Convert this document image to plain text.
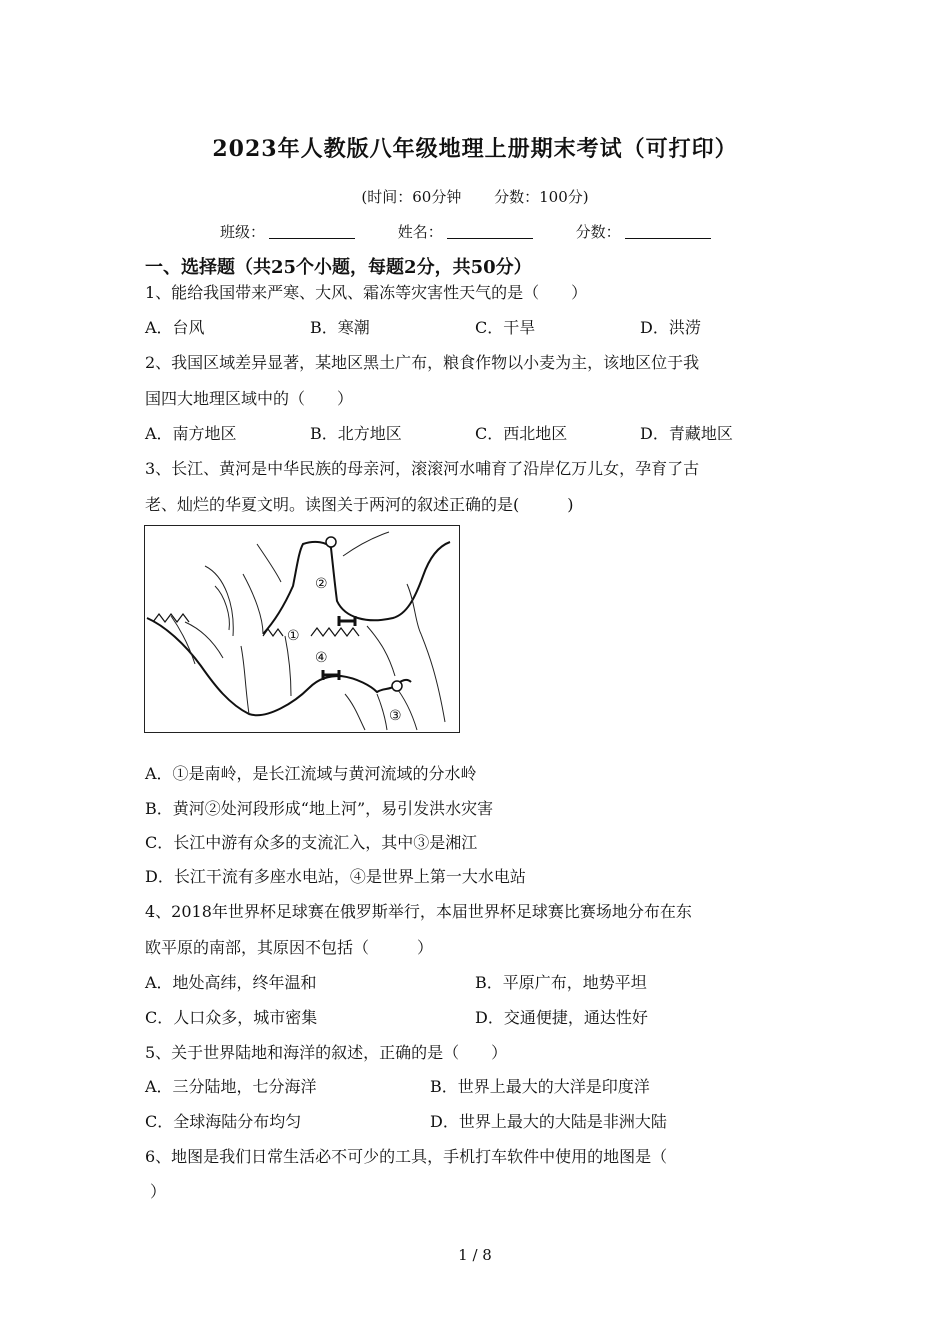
2023年人教版八年级地理上册期末考试（可打印）
(时间：60分钟 分数：100分)
班级：	姓名：	分数：
一、选择题（共25个小题，每题2分，共50分）
1、能给我国带来严寒、大风、霜冻等灾害性天气的是（　　）
A．台风	B．寒潮	C．干旱	D．洪涝
2、我国区域差异显著，某地区黑土广布，粮食作物以小麦为主，该地区位于我
国四大地理区域中的（　　）
A．南方地区	B．北方地区	C．西北地区	D．青藏地区
3、长江、黄河是中华民族的母亲河，滚滚河水哺育了沿岸亿万儿女，孕育了古
老、灿烂的华夏文明。读图关于两河的叙述正确的是(　　　)
②
①
④
③
A．①是南岭，是长江流域与黄河流域的分水岭
B．黄河②处河段形成“地上河”，易引发洪水灾害
C．长江中游有众多的支流汇入，其中③是湘江
D．长江干流有多座水电站，④是世界上第一大水电站
4、2018年世界杯足球赛在俄罗斯举行，本届世界杯足球赛比赛场地分布在东
欧平原的南部，其原因不包括（　　　）
A．地处高纬，终年温和	B．平原广布，地势平坦
C．人口众多，城市密集	D．交通便捷，通达性好
5、关于世界陆地和海洋的叙述，正确的是（　　）
A．三分陆地，七分海洋	B．世界上最大的大洋是印度洋
C．全球海陆分布均匀	D．世界上最大的大陆是非洲大陆
6、地图是我们日常生活必不可少的工具，手机打车软件中使用的地图是（
）
1 / 8
